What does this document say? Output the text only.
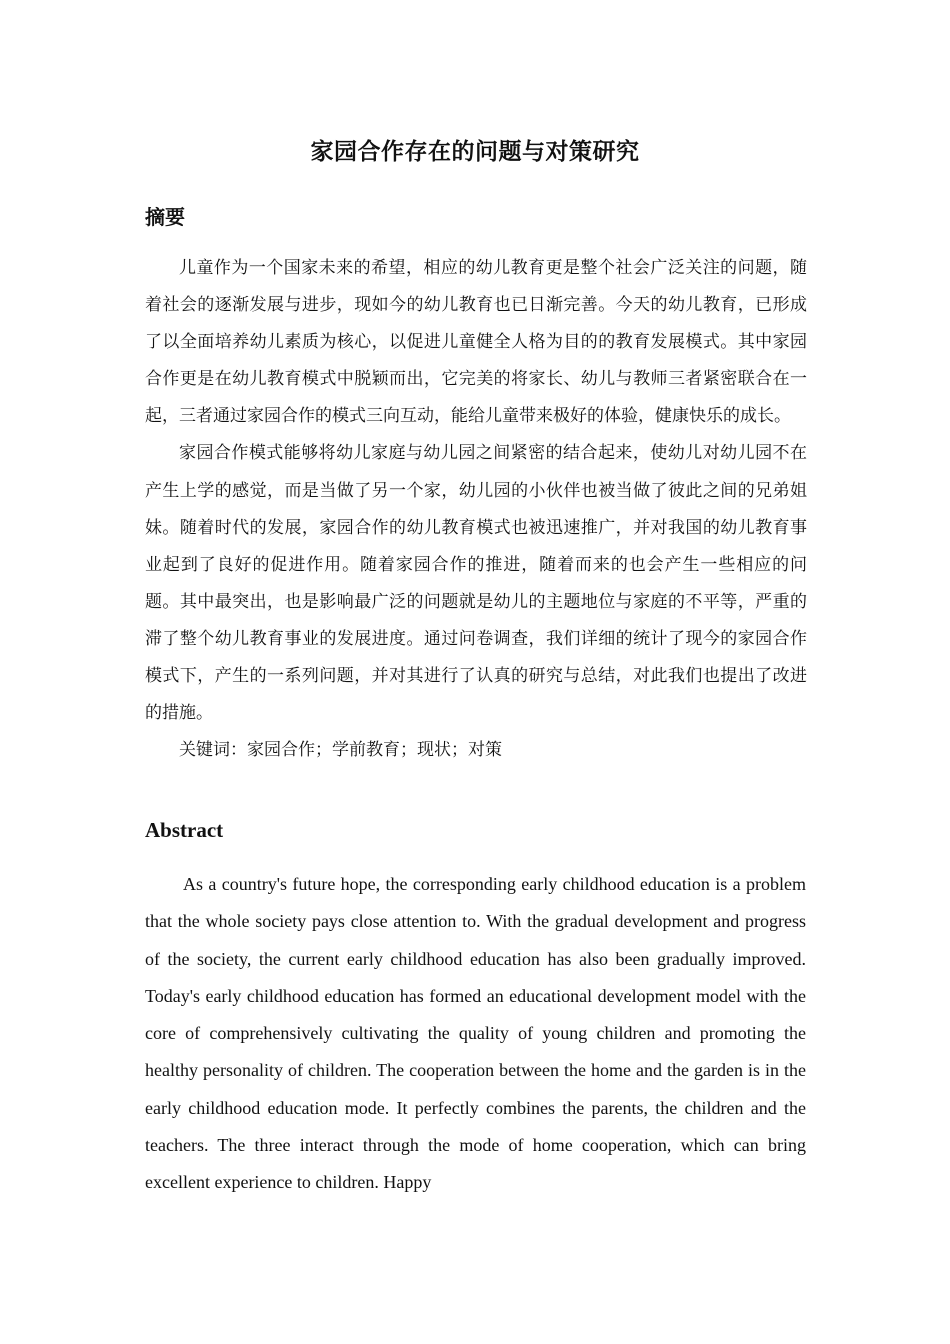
家园合作存在的问题与对策研究
摘要

儿童作为一个国家未来的希望，相应的幼儿教育更是整个社会广泛关注的问题，随着社会的逐渐发展与进步，现如今的幼儿教育也已日渐完善。今天的幼儿教育，已形成了以全面培养幼儿素质为核心，以促进儿童健全人格为目的的教育发展模式。其中家园合作更是在幼儿教育模式中脱颖而出，它完美的将家长、幼儿与教师三者紧密联合在一起，三者通过家园合作的模式三向互动，能给儿童带来极好的体验，健康快乐的成长。

家园合作模式能够将幼儿家庭与幼儿园之间紧密的结合起来，使幼儿对幼儿园不在产生上学的感觉，而是当做了另一个家，幼儿园的小伙伴也被当做了彼此之间的兄弟姐妹。随着时代的发展，家园合作的幼儿教育模式也被迅速推广，并对我国的幼儿教育事业起到了良好的促进作用。随着家园合作的推进，随着而来的也会产生一些相应的问题。其中最突出，也是影响最广泛的问题就是幼儿的主题地位与家庭的不平等，严重的滞了整个幼儿教育事业的发展进度。通过问卷调查，我们详细的统计了现今的家园合作模式下，产生的一系列问题，并对其进行了认真的研究与总结，对此我们也提出了改进的措施。

关键词：家园合作；学前教育；现状；对策

Abstract

As a country's future hope, the corresponding early childhood education is a problem that the whole society pays close attention to. With the gradual development and progress of the society, the current early childhood education has also been gradually improved. Today's early childhood education has formed an educational development model with the core of comprehensively cultivating the quality of young children and promoting the healthy personality of children. The cooperation between the home and the garden is in the early childhood education mode. It perfectly combines the parents, the children and the teachers. The three interact through the mode of home cooperation, which can bring excellent experience to children. Happy
